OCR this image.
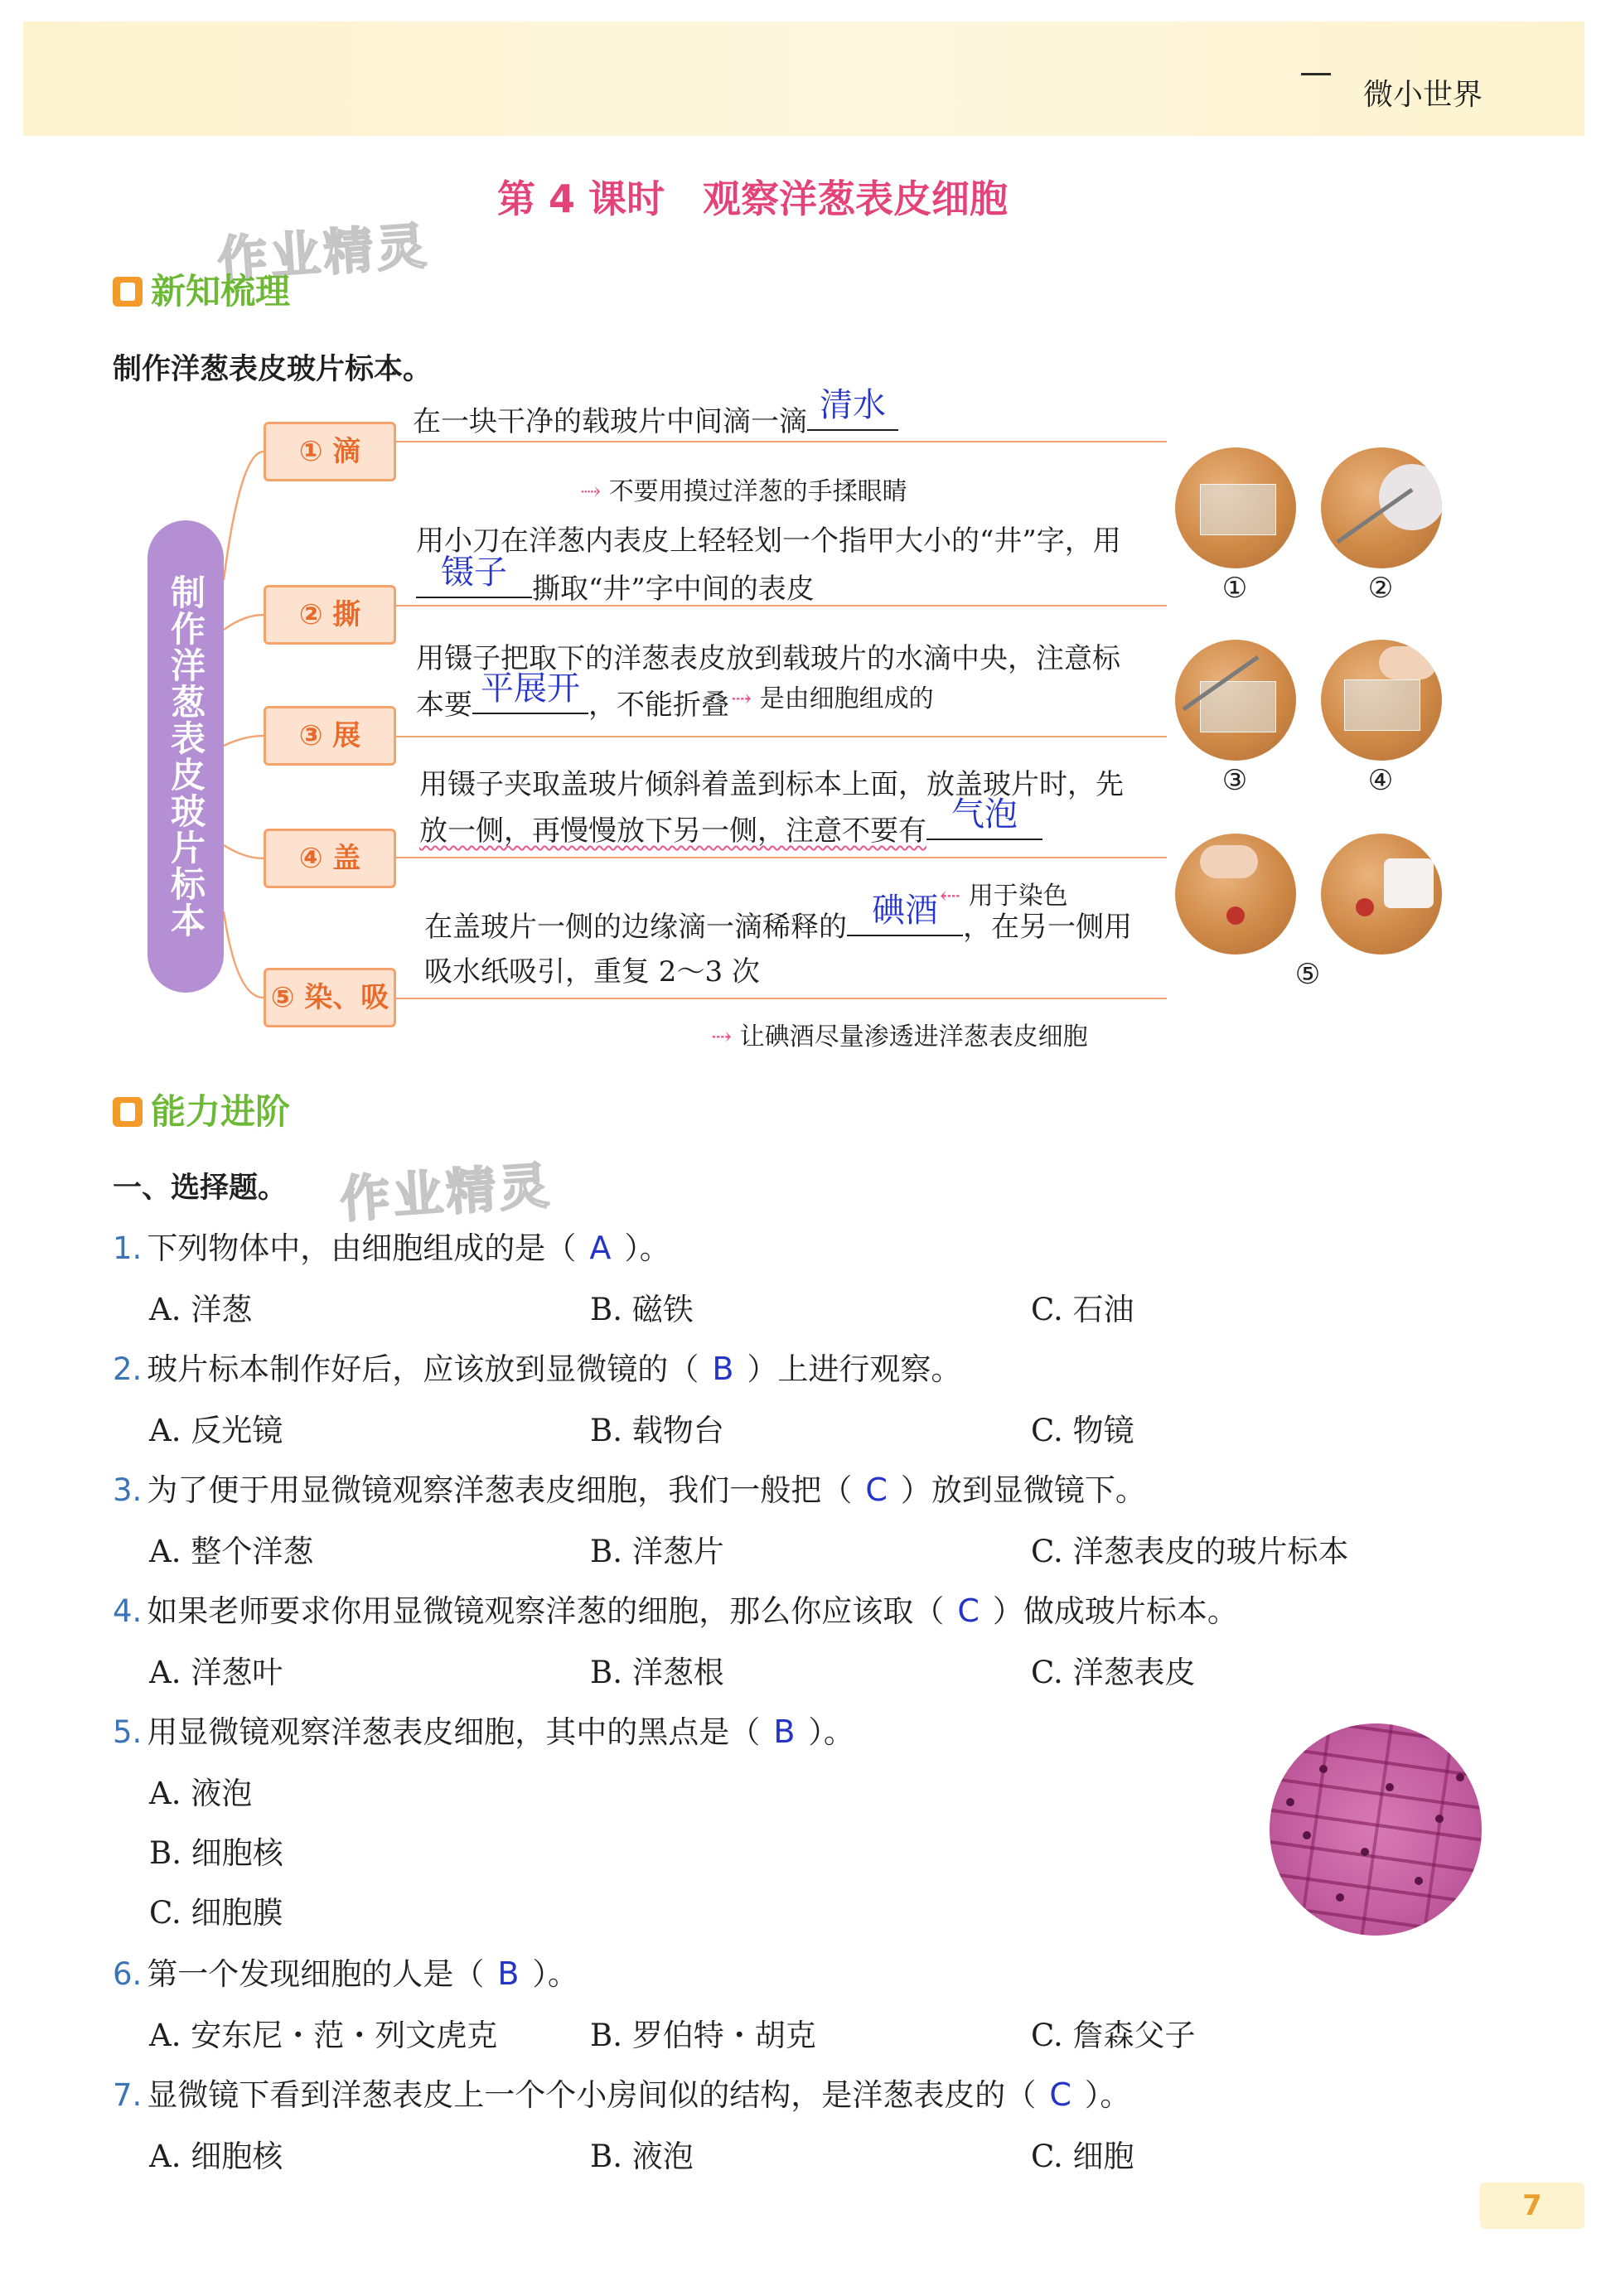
微小世界
第 4 课时　观察洋葱表皮细胞
作业精灵
作业精灵
新知梳理
制作洋葱表皮玻片标本。
制作洋葱表皮玻片标本
① 滴
② 撕
③ 展
④ 盖
⑤ 染、吸
在一块干净的载玻片中间滴一滴 清水
⤑ 不要用摸过洋葱的手揉眼睛
用小刀在洋葱内表皮上轻轻划一个指甲大小的“井”字，用
镊子 撕取“井”字中间的表皮
用镊子把取下的洋葱表皮放到载玻片的水滴中央，注意标
本要 平展开 ，不能折叠 ⇢ 是由细胞组成的
用镊子夹取盖玻片倾斜着盖到标本上面，放盖玻片时，先
放一侧，再慢慢放下另一侧，注意不要有 气泡
⇠ 用于染色
在盖玻片一侧的边缘滴一滴稀释的 碘酒 ，在另一侧用
吸水纸吸引，重复 2～3 次
⇢ 让碘酒尽量渗透进洋葱表皮细胞
①	②
③	④
⑤
能力进阶
一、选择题。
1. 下列物体中，由细胞组成的是（ A ）。
A. 洋葱	B. 磁铁	C. 石油
2. 玻片标本制作好后，应该放到显微镜的（ B ）上进行观察。
A. 反光镜	B. 载物台	C. 物镜
3. 为了便于用显微镜观察洋葱表皮细胞，我们一般把（ C ）放到显微镜下。
A. 整个洋葱	B. 洋葱片	C. 洋葱表皮的玻片标本
4. 如果老师要求你用显微镜观察洋葱的细胞，那么你应该取（ C ）做成玻片标本。
A. 洋葱叶	B. 洋葱根	C. 洋葱表皮
5. 用显微镜观察洋葱表皮细胞，其中的黑点是（ B ）。
A. 液泡
B. 细胞核
C. 细胞膜
6. 第一个发现细胞的人是（ B ）。
A. 安东尼・范・列文虎克	B. 罗伯特・胡克	C. 詹森父子
7. 显微镜下看到洋葱表皮上一个个小房间似的结构，是洋葱表皮的（ C ）。
A. 细胞核	B. 液泡	C. 细胞
7
